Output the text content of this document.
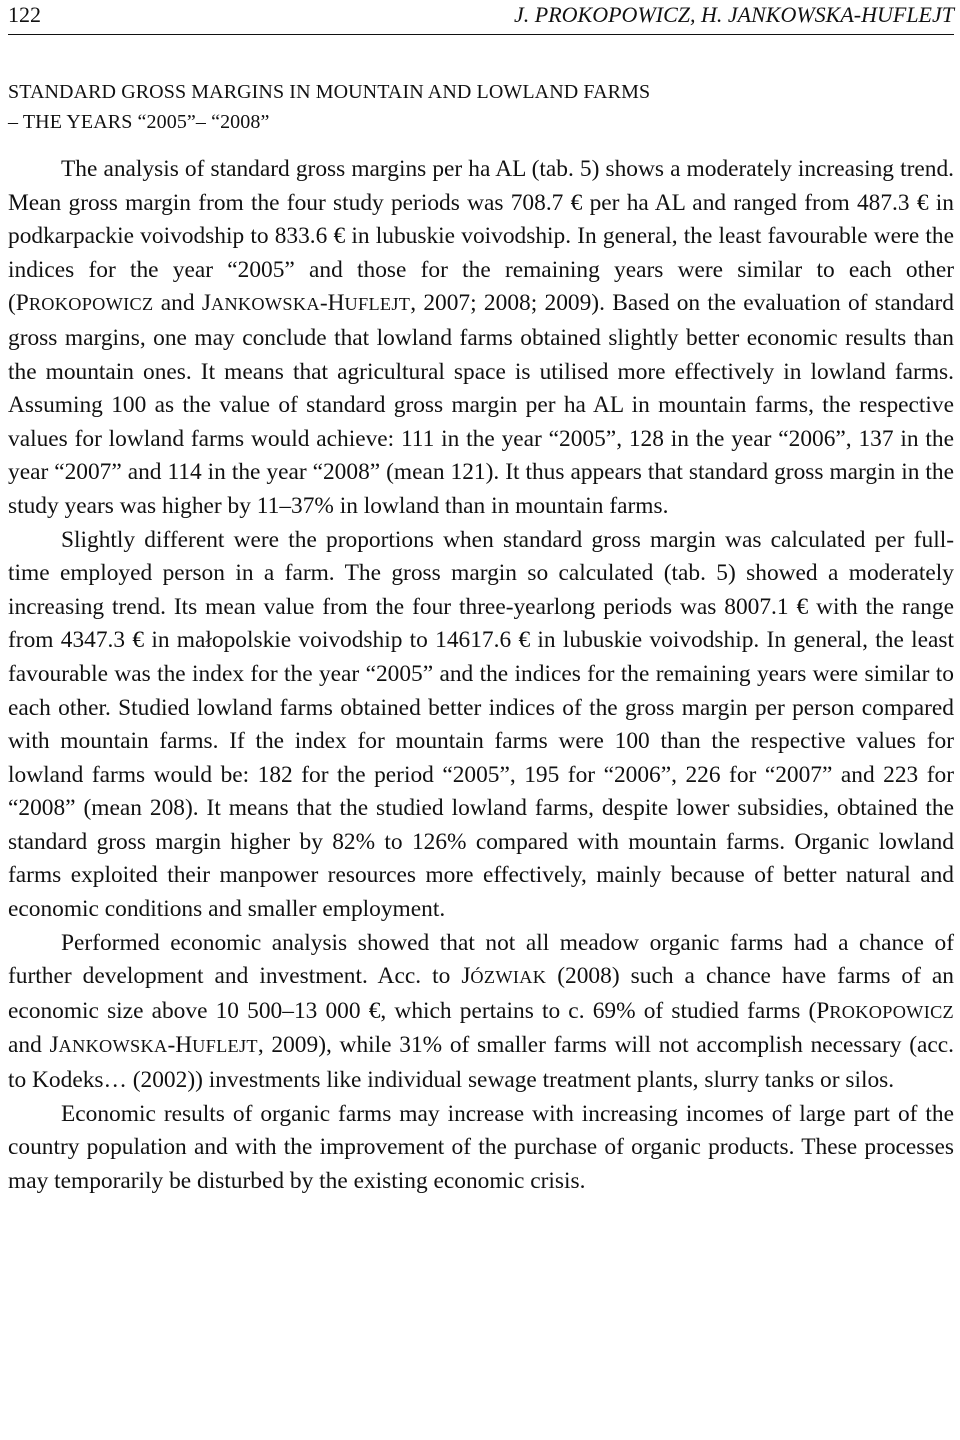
122	J. PROKOPOWICZ, H. JANKOWSKA-HUFLEJT
STANDARD GROSS MARGINS IN MOUNTAIN AND LOWLAND FARMS
– THE YEARS “2005”– “2008”

The analysis of standard gross margins per ha AL (tab. 5) shows a moderately increasing trend. Mean gross margin from the four study periods was 708.7 € per ha AL and ranged from 487.3 € in podkarpackie voivodship to 833.6 € in lubuskie voivodship. In general, the least favourable were the indices for the year “2005” and those for the remaining years were similar to each other (PROKOPOWICZ and JANKOWSKA-HUFLEJT, 2007; 2008; 2009). Based on the evaluation of standard gross margins, one may conclude that lowland farms obtained slightly better economic results than the mountain ones. It means that agricultural space is utilised more effectively in lowland farms. Assuming 100 as the value of standard gross margin per ha AL in mountain farms, the respective values for lowland farms would achieve: 111 in the year “2005”, 128 in the year “2006”, 137 in the year “2007” and 114 in the year “2008” (mean 121). It thus appears that standard gross margin in the study years was higher by 11–37% in lowland than in mountain farms.

Slightly different were the proportions when standard gross margin was calculated per full-time employed person in a farm. The gross margin so calculated (tab. 5) showed a moderately increasing trend. Its mean value from the four three-yearlong periods was 8007.1 € with the range from 4347.3 € in małopolskie voivodship to 14617.6 € in lubuskie voivodship. In general, the least favourable was the index for the year “2005” and the indices for the remaining years were similar to each other. Studied lowland farms obtained better indices of the gross margin per person compared with mountain farms. If the index for mountain farms were 100 than the respective values for lowland farms would be: 182 for the period “2005”, 195 for “2006”, 226 for “2007” and 223 for “2008” (mean 208). It means that the studied lowland farms, despite lower subsidies, obtained the standard gross margin higher by 82% to 126% compared with mountain farms. Organic lowland farms exploited their manpower resources more effectively, mainly because of better natural and economic conditions and smaller employment.

Performed economic analysis showed that not all meadow organic farms had a chance of further development and investment. Acc. to JÓZWIAK (2008) such a chance have farms of an economic size above 10 500–13 000 €, which pertains to c. 69% of studied farms (PROKOPOWICZ and JANKOWSKA-HUFLEJT, 2009), while 31% of smaller farms will not accomplish necessary (acc. to Kodeks… (2002)) investments like individual sewage treatment plants, slurry tanks or silos.

Economic results of organic farms may increase with increasing incomes of large part of the country population and with the improvement of the purchase of organic products. These processes may temporarily be disturbed by the existing economic crisis.
